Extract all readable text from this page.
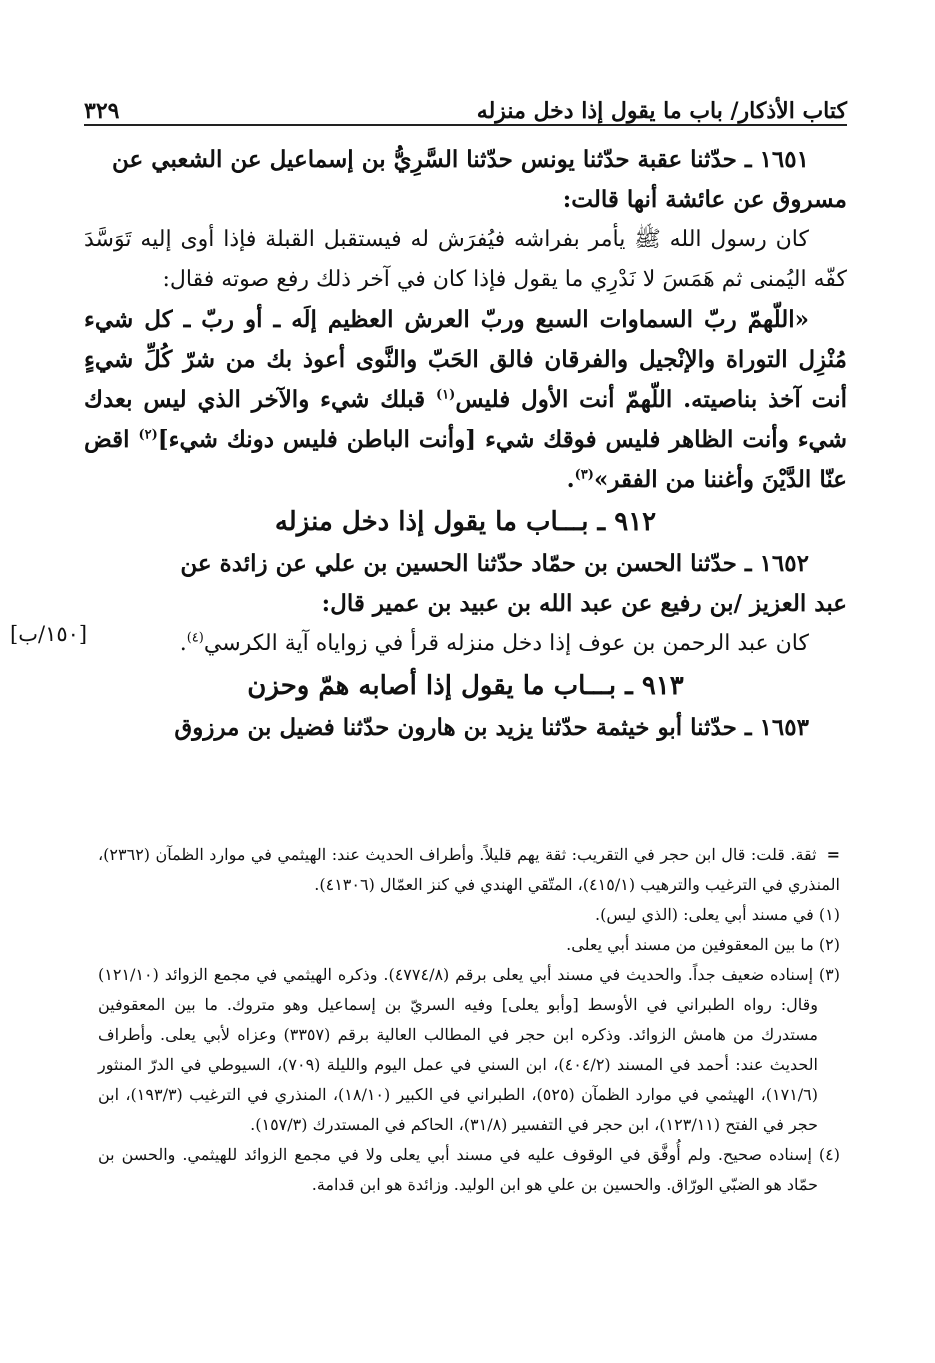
٣٢٩	كتاب الأذكار/ باب ما يقول إذا دخل منزله
[١٥٠/ب]

١٦٥١ ـ حدّثنا عقبة حدّثنا يونس حدّثنا السَّرِيُّ بن إسماعيل عن الشعبي عن

مسروق عن عائشة أنها قالت:

كان رسول الله ﷺ يأمر بفراشه فيُفرَش له فيستقبل القبلة فإذا أوى إليه تَوَسَّدَ كفّه اليُمنى ثم هَمَسَ لا نَدْرِي ما يقول فإذا كان في آخر ذلك رفع صوته فقال:

«اللّهمّ ربّ السماوات السبع وربّ العرش العظيم إلَه ـ أو ربّ ـ كل شيء مُنْزِل التوراة والإنْجيل والفرقان فالق الحَبّ والنَّوى أعوذ بك من شرّ كُلِّ شيءٍ أنت آخذ بناصيته. اللّهمّ أنت الأول فليس$^{(١)}$ قبلك شيء والآخر الذي ليس بعدك شيء وأنت الظاهر فليس فوقك شيء [وأنت الباطن فليس دونك شيء]$^{(٢)}$ اقض عنّا الدَّيْنَ وأغننا من الفقر»$^{(٣)}$.

٩١٢ ـ بـــاب ما يقول إذا دخل منزله

١٦٥٢ ـ حدّثنا الحسن بن حمّاد حدّثنا الحسين بن علي عن زائدة عن

عبد العزيز /بن رفيع عن عبد الله بن عبيد بن عمير قال:

كان عبد الرحمن بن عوف إذا دخل منزله قرأ في زواياه آية الكرسي$^{(٤)}$.

٩١٣ ـ بـــاب ما يقول إذا أصابه همّ وحزن

١٦٥٣ ـ حدّثنا أبو خيثمة حدّثنا يزيد بن هارون حدّثنا فضيل بن مرزوق

=ثقة. قلت: قال ابن حجر في التقريب: ثقة يهم قليلاً. وأطراف الحديث عند: الهيثمي في موارد الظمآن (٢٣٦٢)، المنذري في الترغيب والترهيب (٤١٥/١)، المتّقي الهندي في كنز العمّال (٤١٣٠٦).

(١) في مسند أبي يعلى: (الذي ليس).

(٢) ما بين المعقوفين من مسند أبي يعلى.

(٣) إسناده ضعيف جداً. والحديث في مسند أبي يعلى برقم (٤٧٧٤/٨). وذكره الهيثمي في مجمع الزوائد (١٢١/١٠) وقال: رواه الطبراني في الأوسط [وأبو يعلى] وفيه السريّ بن إسماعيل وهو متروك. ما بين المعقوفين مستدرك من هامش الزوائد. وذكره ابن حجر في المطالب العالية برقم (٣٣٥٧) وعزاه لأبي يعلى. وأطراف الحديث عند: أحمد في المسند (٤٠٤/٢)، ابن السني في عمل اليوم والليلة (٧٠٩)، السيوطي في الدرّ المنثور (١٧١/٦)، الهيثمي في موارد الظمآن (٥٢٥)، الطبراني في الكبير (١٨/١٠)، المنذري في الترغيب (١٩٣/٣)، ابن حجر في الفتح (١٢٣/١١)، ابن حجر في التفسير (٣١/٨)، الحاكم في المستدرك (١٥٧/٣).

(٤) إسناده صحيح. ولم أُوفَّق في الوقوف عليه في مسند أبي يعلى ولا في مجمع الزوائد للهيثمي. والحسن بن حمّاد هو الضبّي الورّاق. والحسين بن علي هو ابن الوليد. وزائدة هو ابن قدامة.
